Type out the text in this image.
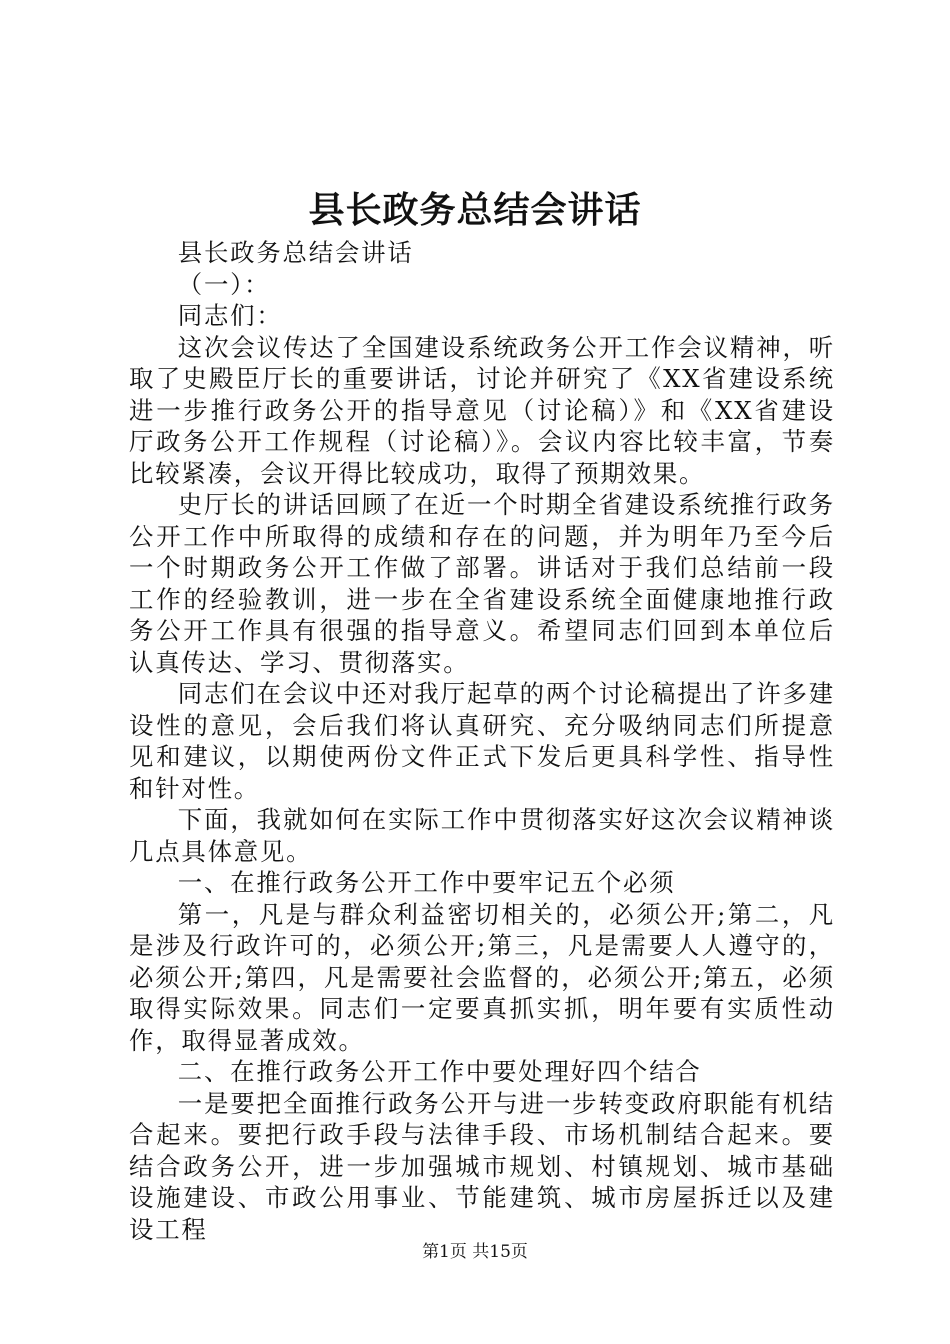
县长政务总结会讲话

县长政务总结会讲话

（一）：

同志们：

这次会议传达了全国建设系统政务公开工作会议精神，听取了史殿臣厅长的重要讲话，讨论并研究了《XX省建设系统进一步推行政务公开的指导意见（讨论稿）》和《XX省建设厅政务公开工作规程（讨论稿）》。会议内容比较丰富，节奏比较紧凑，会议开得比较成功，取得了预期效果。

史厅长的讲话回顾了在近一个时期全省建设系统推行政务公开工作中所取得的成绩和存在的问题，并为明年乃至今后一个时期政务公开工作做了部署。讲话对于我们总结前一段工作的经验教训，进一步在全省建设系统全面健康地推行政务公开工作具有很强的指导意义。希望同志们回到本单位后认真传达、学习、贯彻落实。

同志们在会议中还对我厅起草的两个讨论稿提出了许多建设性的意见，会后我们将认真研究、充分吸纳同志们所提意见和建议，以期使两份文件正式下发后更具科学性、指导性和针对性。

下面，我就如何在实际工作中贯彻落实好这次会议精神谈几点具体意见。

一、在推行政务公开工作中要牢记五个必须

第一，凡是与群众利益密切相关的，必须公开;第二，凡是涉及行政许可的，必须公开;第三，凡是需要人人遵守的，必须公开;第四，凡是需要社会监督的，必须公开;第五，必须取得实际效果。同志们一定要真抓实抓，明年要有实质性动作，取得显著成效。

二、在推行政务公开工作中要处理好四个结合

一是要把全面推行政务公开与进一步转变政府职能有机结合起来。要把行政手段与法律手段、市场机制结合起来。要结合政务公开，进一步加强城市规划、村镇规划、城市基础设施建设、市政公用事业、节能建筑、城市房屋拆迁以及建设工程

第1页 共15页
